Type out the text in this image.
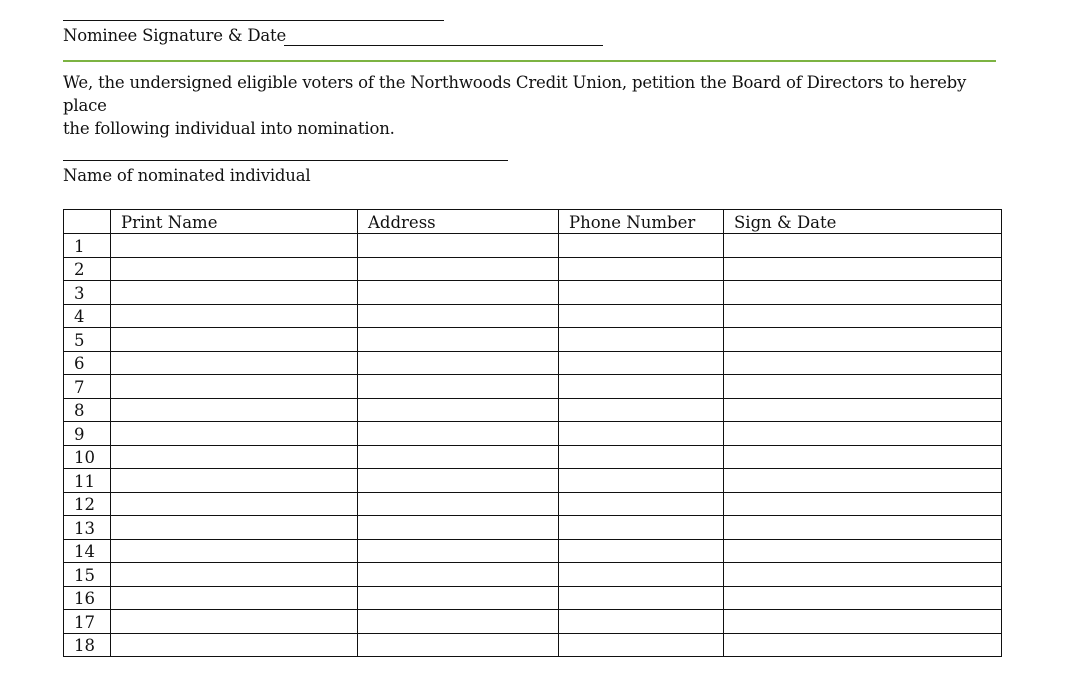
Nominee Signature & Date
We, the undersigned eligible voters of the Northwoods Credit Union, petition the Board of Directors to hereby place
the following individual into nomination.
Name of nominated individual
	Print Name	Address	Phone Number	Sign & Date
1				
2				
3				
4				
5				
6				
7				
8				
9				
10				
11				
12				
13				
14				
15				
16				
17				
18				
